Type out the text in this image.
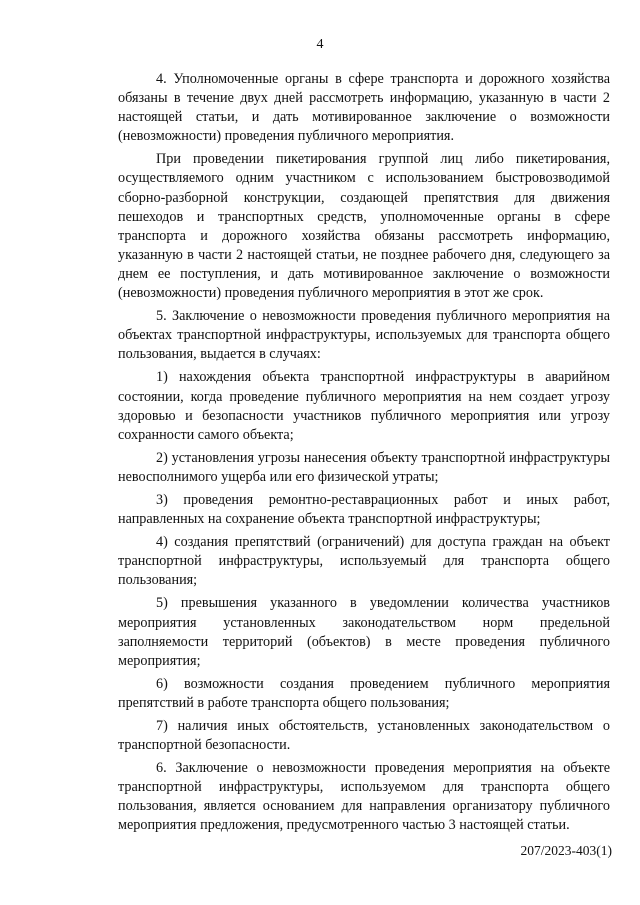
4

4. Уполномоченные органы в сфере транспорта и дорожного хозяйства обязаны в течение двух дней рассмотреть информацию, указанную в части 2 настоящей статьи, и дать мотивированное заключение о возможности (невозможности) проведения публичного мероприятия.

При проведении пикетирования группой лиц либо пикетирования, осуществляемого одним участником с использованием быстровозводимой сборно-разборной конструкции, создающей препятствия для движения пешеходов и транспортных средств, уполномоченные органы в сфере транспорта и дорожного хозяйства обязаны рассмотреть информацию, указанную в части 2 настоящей статьи, не позднее рабочего дня, следующего за днем ее поступления, и дать мотивированное заключение о возможности (невозможности) проведения публичного мероприятия в этот же срок.

5. Заключение о невозможности проведения публичного мероприятия на объектах транспортной инфраструктуры, используемых для транспорта общего пользования, выдается в случаях:

1) нахождения объекта транспортной инфраструктуры в аварийном состоянии, когда проведение публичного мероприятия на нем создает угрозу здоровью и безопасности участников публичного мероприятия или угрозу сохранности самого объекта;

2) установления угрозы нанесения объекту транспортной инфраструктуры невосполнимого ущерба или его физической утраты;

3) проведения ремонтно-реставрационных работ и иных работ, направленных на сохранение объекта транспортной инфраструктуры;

4) создания препятствий (ограничений) для доступа граждан на объект транспортной инфраструктуры, используемый для транспорта общего пользования;

5) превышения указанного в уведомлении количества участников мероприятия установленных законодательством норм предельной заполняемости территорий (объектов) в месте проведения публичного мероприятия;

6) возможности создания проведением публичного мероприятия препятствий в работе транспорта общего пользования;

7) наличия иных обстоятельств, установленных законодательством о транспортной безопасности.

6. Заключение о невозможности проведения мероприятия на объекте транспортной инфраструктуры, используемом для транспорта общего пользования, является основанием для направления организатору публичного мероприятия предложения, предусмотренного частью 3 настоящей статьи.

207/2023-403(1)
